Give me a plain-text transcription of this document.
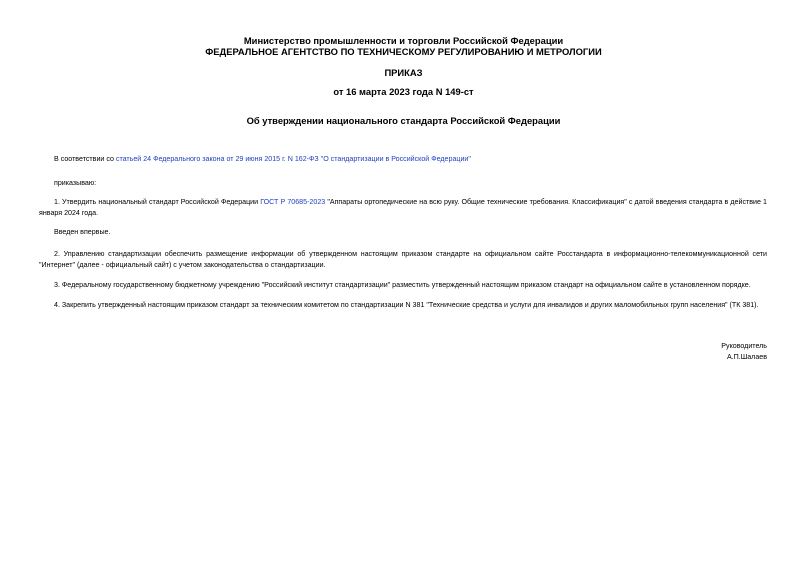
Министерство промышленности и торговли Российской Федерации
ФЕДЕРАЛЬНОЕ АГЕНТСТВО ПО ТЕХНИЧЕСКОМУ РЕГУЛИРОВАНИЮ И МЕТРОЛОГИИ
ПРИКАЗ
от 16 марта 2023 года N 149-ст
Об утверждении национального стандарта Российской Федерации
В соответствии со статьей 24 Федерального закона от 29 июня 2015 г. N 162-ФЗ "О стандартизации в Российской Федерации"
приказываю:
1. Утвердить национальный стандарт Российской Федерации ГОСТ Р 70685-2023 "Аппараты ортопедические на всю руку. Общие технические требования. Классификация" с датой введения стандарта в действие 1 января 2024 года.
Введен впервые.
2. Управлению стандартизации обеспечить размещение информации об утвержденном настоящим приказом стандарте на официальном сайте Росстандарта в информационно-телекоммуникационной сети "Интернет" (далее - официальный сайт) с учетом законодательства о стандартизации.
3. Федеральному государственному бюджетному учреждению "Российский институт стандартизации" разместить утвержденный настоящим приказом стандарт на официальном сайте в установленном порядке.
4. Закрепить утвержденный настоящим приказом стандарт за техническим комитетом по стандартизации N 381 "Технические средства и услуги для инвалидов и других маломобильных групп населения" (ТК 381).
Руководитель
А.П.Шалаев
